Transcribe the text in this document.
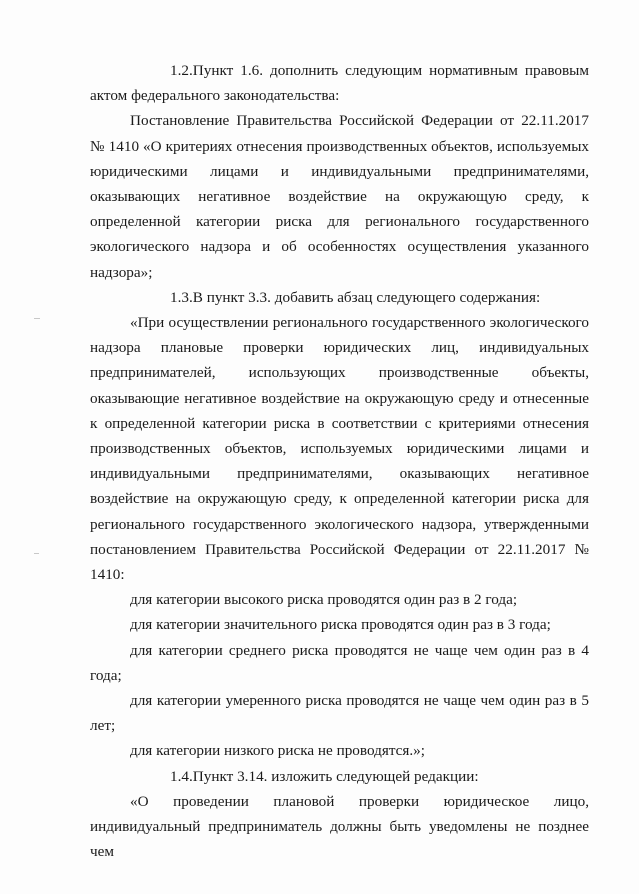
1.2.Пункт 1.6. дополнить следующим нормативным правовым актом федерального законодательства:

Постановление Правительства Российской Федерации от 22.11.2017 № 1410 «О критериях отнесения производственных объектов, используемых юридическими лицами и индивидуальными предпринимателями, оказывающих негативное воздействие на окружающую среду, к определенной категории риска для регионального государственного экологического надзора и об особенностях осуществления указанного надзора»;

1.3.В пункт 3.3. добавить абзац следующего содержания:

«При осуществлении регионального государственного экологического надзора плановые проверки юридических лиц, индивидуальных предпринимателей, использующих производственные объекты, оказывающие негативное воздействие на окружающую среду и отнесенные к определенной категории риска в соответствии с критериями отнесения производственных объектов, используемых юридическими лицами и индивидуальными предпринимателями, оказывающих негативное воздействие на окружающую среду, к определенной категории риска для регионального государственного экологического надзора, утвержденными постановлением Правительства Российской Федерации от 22.11.2017 № 1410:

для категории высокого риска проводятся один раз в 2 года;

для категории значительного риска проводятся один раз в 3 года;

для категории среднего риска проводятся не чаще чем один раз в 4 года;

для категории умеренного риска проводятся не чаще чем один раз в 5 лет;

для категории низкого риска не проводятся.»;

1.4.Пункт 3.14. изложить следующей редакции:

«О проведении плановой проверки юридическое лицо, индивидуальный предприниматель должны быть уведомлены не позднее чем
